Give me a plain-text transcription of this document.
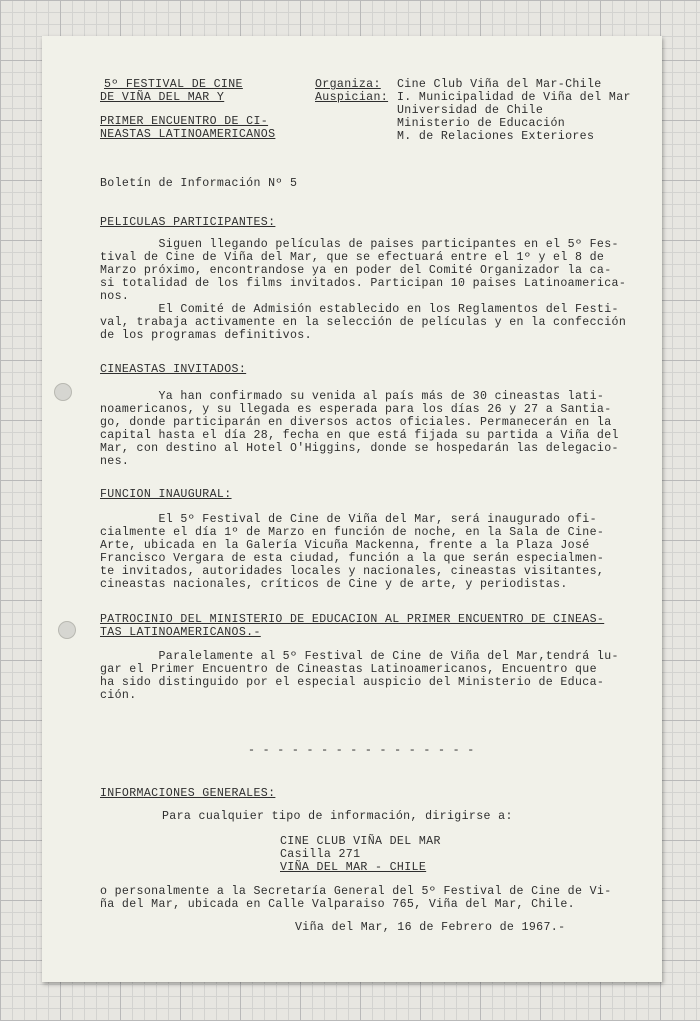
5º FESTIVAL DE CINE
DE VIÑA DEL MAR Y
PRIMER ENCUENTRO DE CI-
NEASTAS LATINOAMERICANOS
Organiza: Cine Club Viña del Mar-Chile
Auspician: I. Municipalidad de Viña del Mar
Universidad de Chile
Ministerio de Educación
M. de Relaciones Exteriores
Boletín de Información Nº 5
PELICULAS PARTICIPANTES:
Siguen llegando películas de paises participantes en el 5º Fes-
tival de Cine de Viña del Mar, que se efectuará entre el 1º y el 8 de
Marzo próximo, encontrandose ya en poder del Comité Organizador la ca-
si totalidad de los films invitados. Participan 10 paises Latinoamerica-
nos.
El Comité de Admisión establecido en los Reglamentos del Festi-
val, trabaja activamente en la selección de películas y en la confección
de los programas definitivos.
CINEASTAS INVITADOS:
Ya han confirmado su venida al país más de 30 cineastas lati-
noamericanos, y su llegada es esperada para los días 26 y 27 a Santia-
go, donde participarán en diversos actos oficiales. Permanecerán en la
capital hasta el día 28, fecha en que está fijada su partida a Viña del
Mar, con destino al Hotel O'Higgins, donde se hospedarán las delegacio-
nes.
FUNCION INAUGURAL:
El 5º Festival de Cine de Viña del Mar, será inaugurado ofi-
cialmente el día 1º de Marzo en función de noche, en la Sala de Cine-
Arte, ubicada en la Galería Vicuña Mackenna, frente a la Plaza José
Francisco Vergara de esta ciudad, función a la que serán especialmen-
te invitados, autoridades locales y nacionales, cineastas visitantes,
cineastas nacionales, críticos de Cine y de arte, y periodistas.
PATROCINIO DEL MINISTERIO DE EDUCACION AL PRIMER ENCUENTRO DE CINEAS-
TAS LATINOAMERICANOS.-
Paralelamente al 5º Festival de Cine de Viña del Mar,tendrá lu-
gar el Primer Encuentro de Cineastas Latinoamericanos, Encuentro que
ha sido distinguido por el especial auspicio del Ministerio de Educa-
ción.
- - - - - - - - - - - - - - - -
INFORMACIONES GENERALES:
Para cualquier tipo de información, dirigirse a:
CINE CLUB VIÑA DEL MAR
Casilla 271
VIÑA DEL MAR - CHILE
o personalmente a la Secretaría General del 5º Festival de Cine de Vi-
ña del Mar, ubicada en Calle Valparaiso 765, Viña del Mar, Chile.
Viña del Mar, 16 de Febrero de 1967.-
